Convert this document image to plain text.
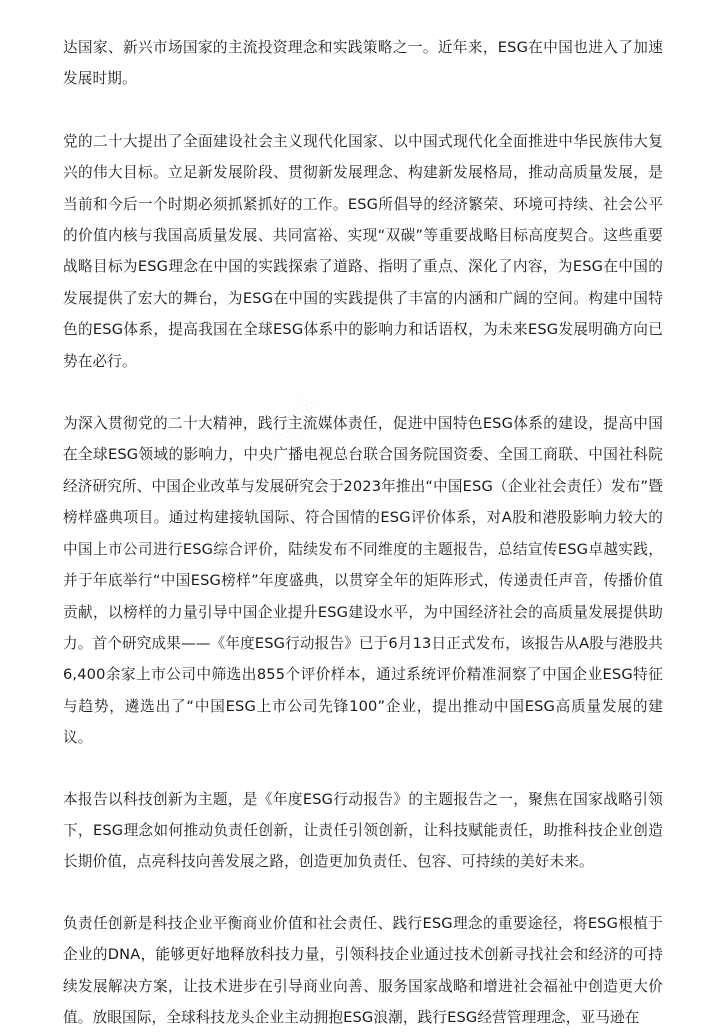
达国家、新兴市场国家的主流投资理念和实践策略之一。近年来，ESG在中国也进入了加速发展时期。

党的二十大提出了全面建设社会主义现代化国家、以中国式现代化全面推进中华民族伟大复兴的伟大目标。立足新发展阶段、贯彻新发展理念、构建新发展格局，推动高质量发展，是当前和今后一个时期必须抓紧抓好的工作。ESG所倡导的经济繁荣、环境可持续、社会公平的价值内核与我国高质量发展、共同富裕、实现“双碳”等重要战略目标高度契合。这些重要战略目标为ESG理念在中国的实践探索了道路、指明了重点、深化了内容，为ESG在中国的发展提供了宏大的舞台，为ESG在中国的实践提供了丰富的内涵和广阔的空间。构建中国特色的ESG体系，提高我国在全球ESG体系中的影响力和话语权，为未来ESG发展明确方向已势在必行。

为深入贯彻党的二十大精神，践行主流媒体责任，促进中国特色ESG体系的建设，提高中国在全球ESG领域的影响力，中央广播电视总台联合国务院国资委、全国工商联、中国社科院经济研究所、中国企业改革与发展研究会于2023年推出“中国ESG（企业社会责任）发布”暨榜样盛典项目。通过构建接轨国际、符合国情的ESG评价体系，对A股和港股影响力较大的中国上市公司进行ESG综合评价，陆续发布不同维度的主题报告，总结宣传ESG卓越实践，并于年底举行“中国ESG榜样”年度盛典，以贯穿全年的矩阵形式，传递责任声音，传播价值贡献，以榜样的力量引导中国企业提升ESG建设水平，为中国经济社会的高质量发展提供助力。首个研究成果——《年度ESG行动报告》已于6月13日正式发布，该报告从A股与港股共6,400余家上市公司中筛选出855个评价样本，通过系统评价精准洞察了中国企业ESG特征与趋势，遴选出了“中国ESG上市公司先锋100”企业，提出推动中国ESG高质量发展的建议。

本报告以科技创新为主题，是《年度ESG行动报告》的主题报告之一，聚焦在国家战略引领下，ESG理念如何推动负责任创新，让责任引领创新，让科技赋能责任，助推科技企业创造长期价值，点亮科技向善发展之路，创造更加负责任、包容、可持续的美好未来。

负责任创新是科技企业平衡商业价值和社会责任、践行ESG理念的重要途径，将ESG根植于企业的DNA，能够更好地释放科技力量，引领科技企业通过技术创新寻找社会和经济的可持续发展解决方案，让技术进步在引导商业向善、服务国家战略和增进社会福祉中创造更大价值。放眼国际，全球科技龙头企业主动拥抱ESG浪潮，践行ESG经营管理理念，亚马逊在

░░░░░░
